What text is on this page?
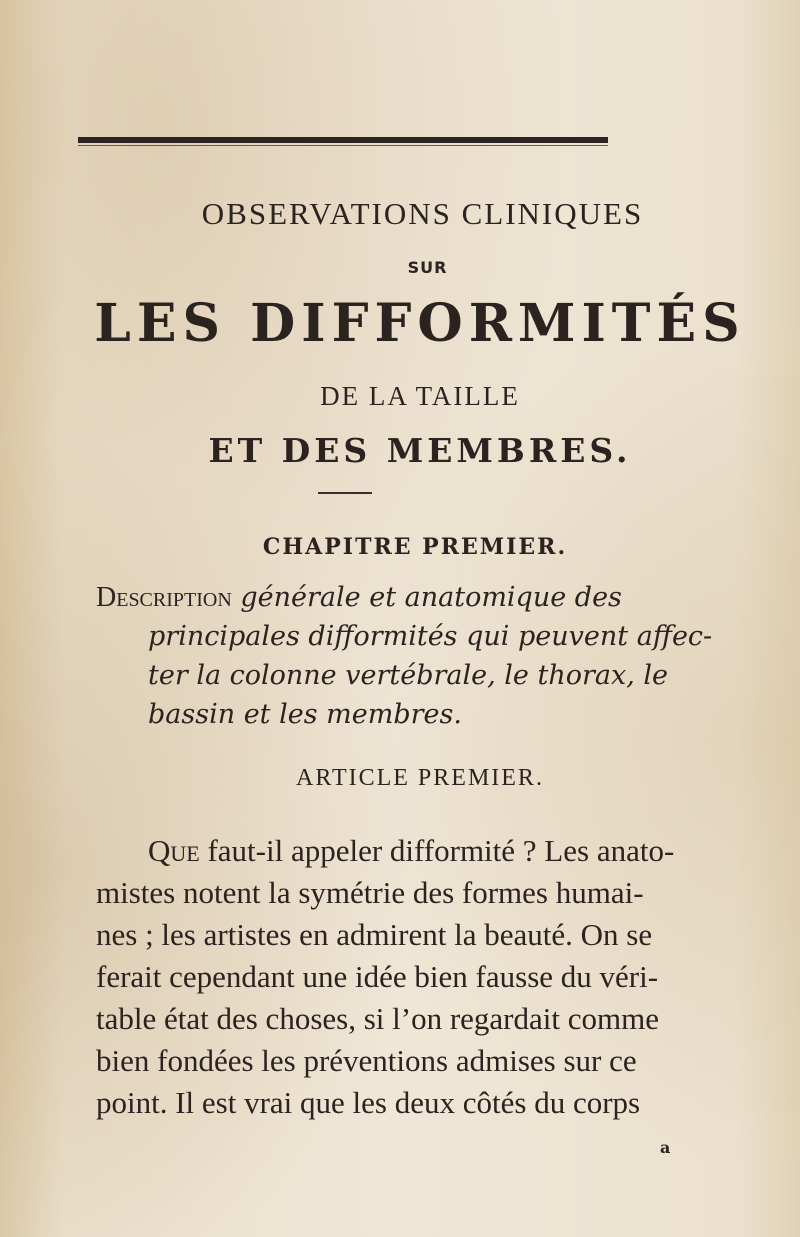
OBSERVATIONS CLINIQUES
SUR
LES DIFFORMITÉS
DE LA TAILLE
ET DES MEMBRES.
CHAPITRE PREMIER.
Description générale et anatomique des
principales difformités qui peuvent affec-
ter la colonne vertébrale, le thorax, le
bassin et les membres.
ARTICLE PREMIER.
Que faut-il appeler difformité ? Les anato-
mistes notent la symétrie des formes humai-
nes ; les artistes en admirent la beauté. On se
ferait cependant une idée bien fausse du véri-
table état des choses, si l’on regardait comme
bien fondées les préventions admises sur ce
point. Il est vrai que les deux côtés du corps
a
